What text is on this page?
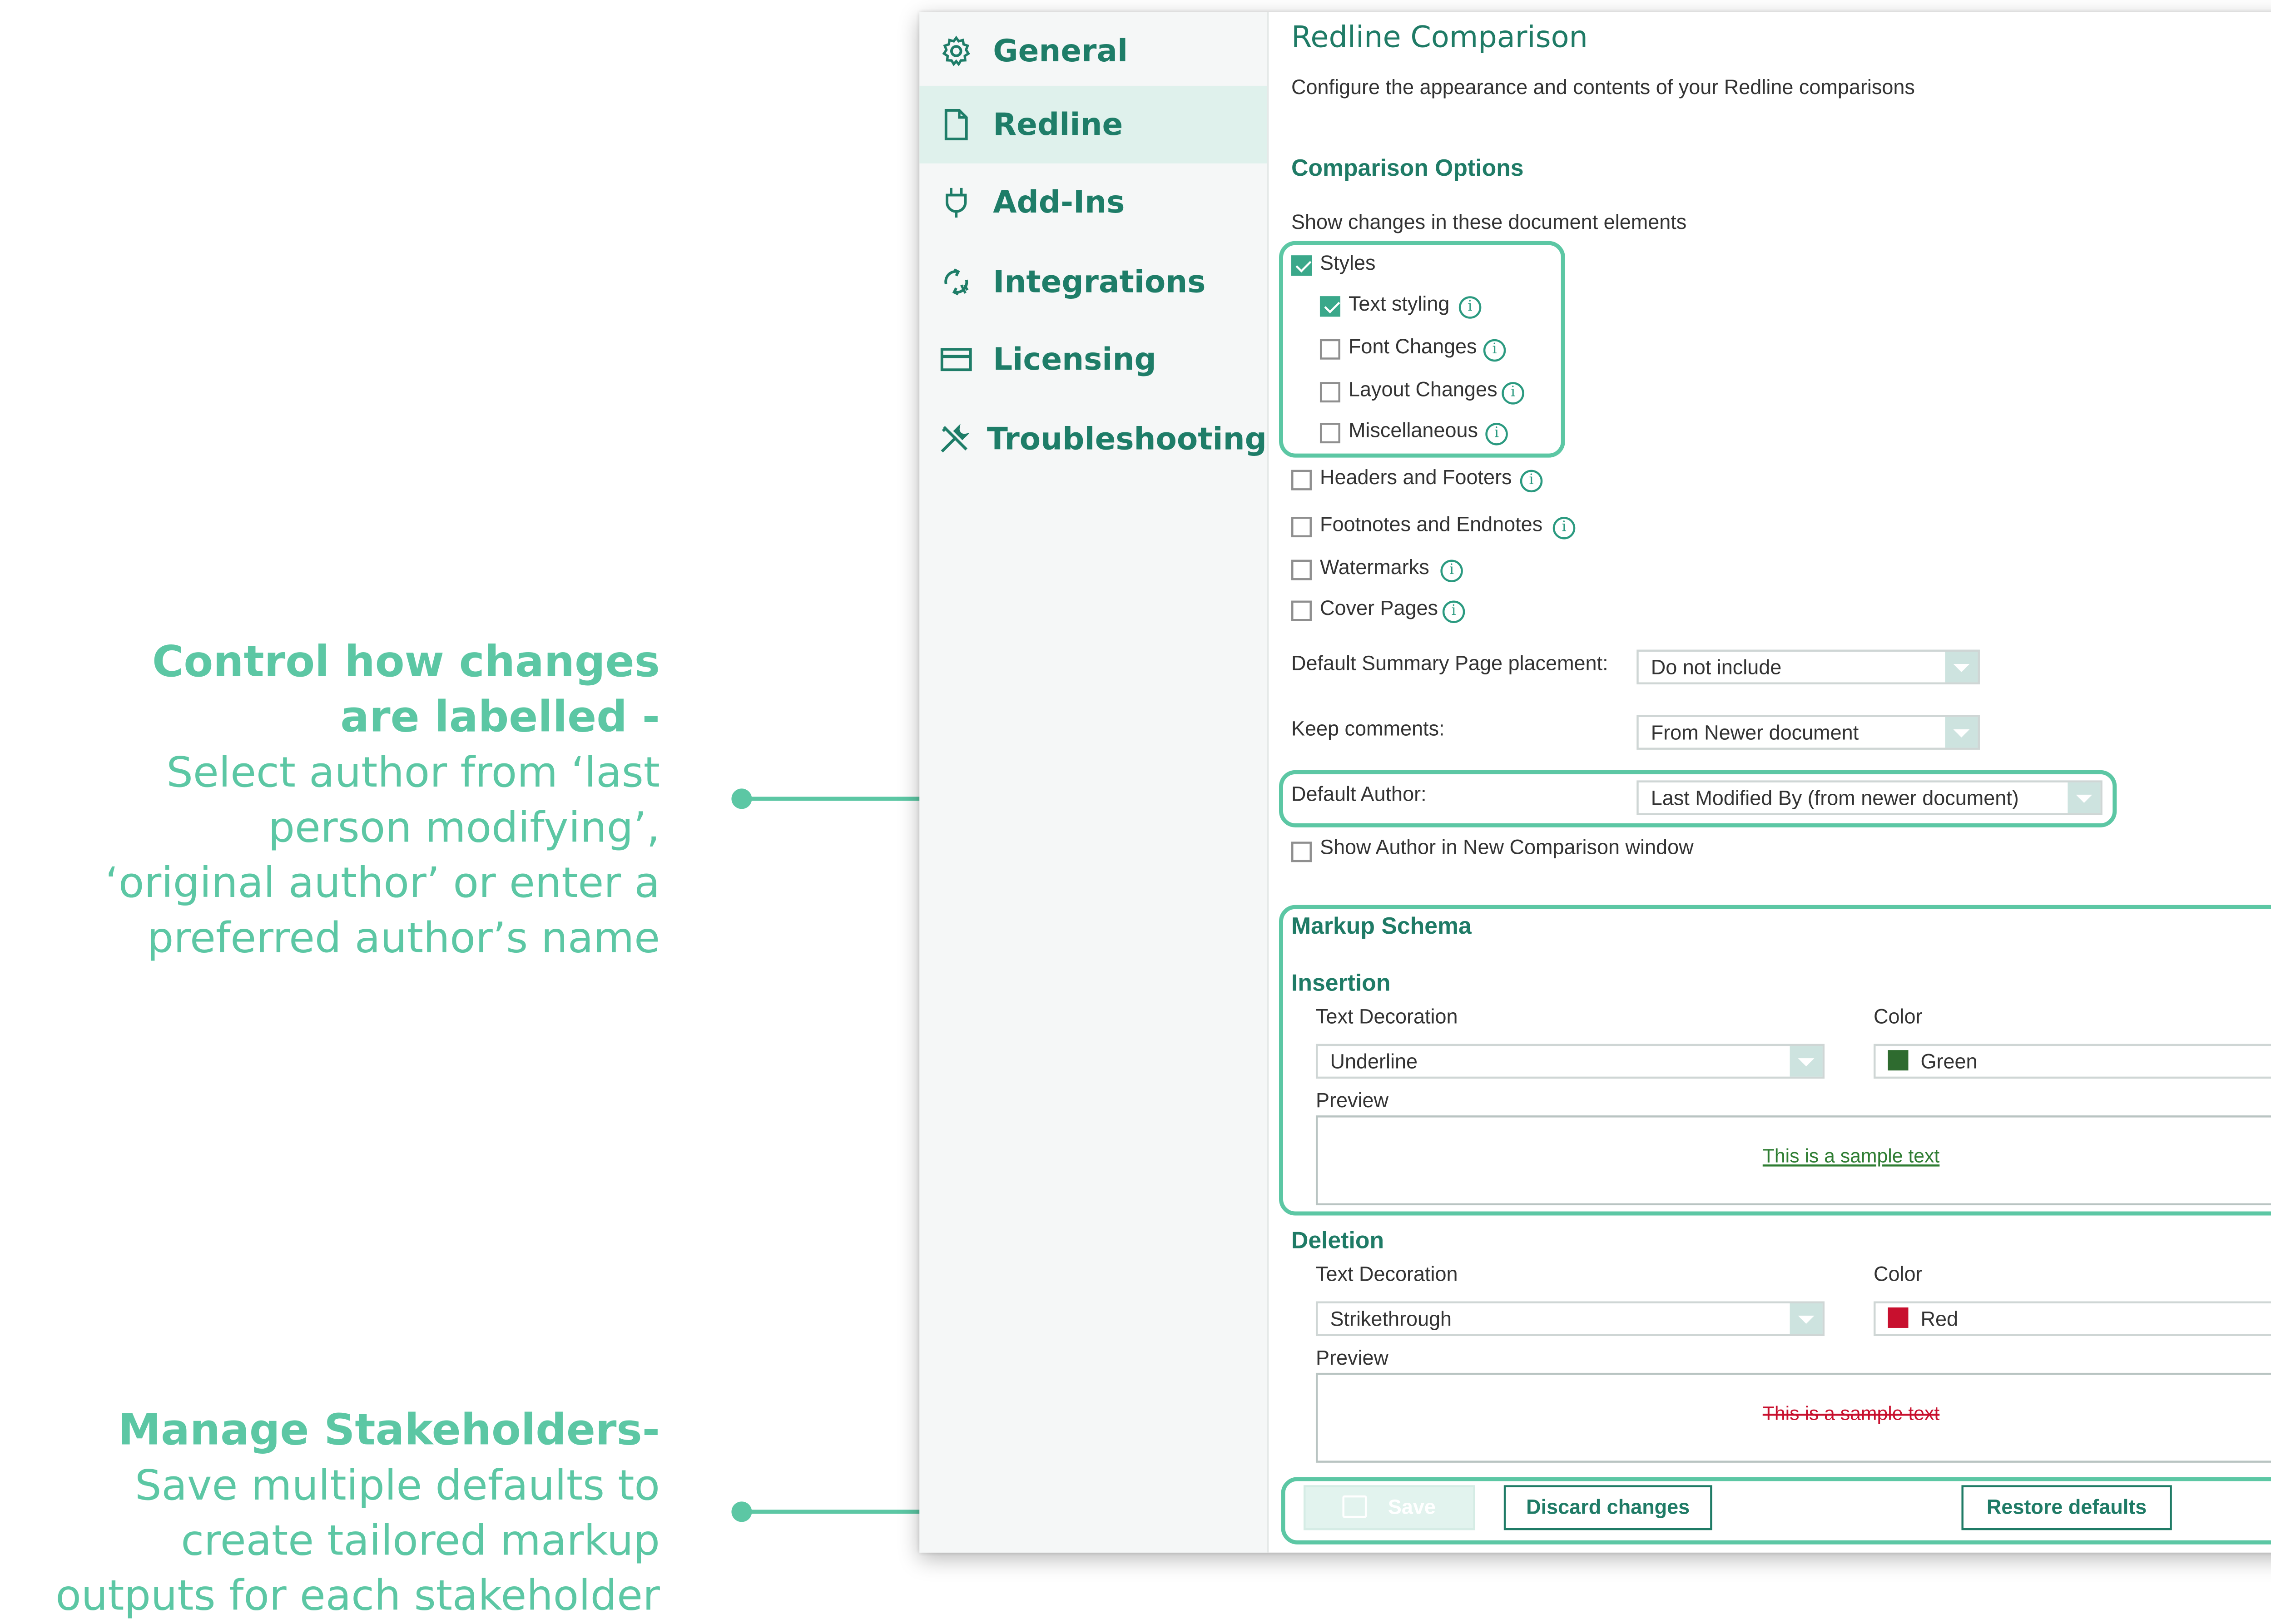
Control how changes
are labelled -
Select author from ‘last
person modifying’,
‘original author’ or enter a
preferred author’s name
Manage Stakeholders-
Save multiple defaults to
create tailored markup
outputs for each stakeholder
General
Redline
Add-Ins
Integrations
Licensing
Troubleshooting
Redline Comparison
Configure the appearance and contents of your Redline comparisons
Comparison Options
Show changes in these document elements
Styles
Text styling	i
Font Changes	i
Layout Changes	i
Miscellaneous	i
Headers and Footers	i
Footnotes and Endnotes	i
Watermarks	i
Cover Pages	i
Default Summary Page placement:	Do not include
Keep comments:	From Newer document
Default Author:	Last Modified By (from newer document)
Show Author in New Comparison window
Markup Schema
Insertion
Text Decoration
Underline
Color
Green
Preview
This is a sample text
Deletion
Text Decoration
Strikethrough
Color
Red
Preview
This is a sample text
Save	Discard changes	Restore defaults
